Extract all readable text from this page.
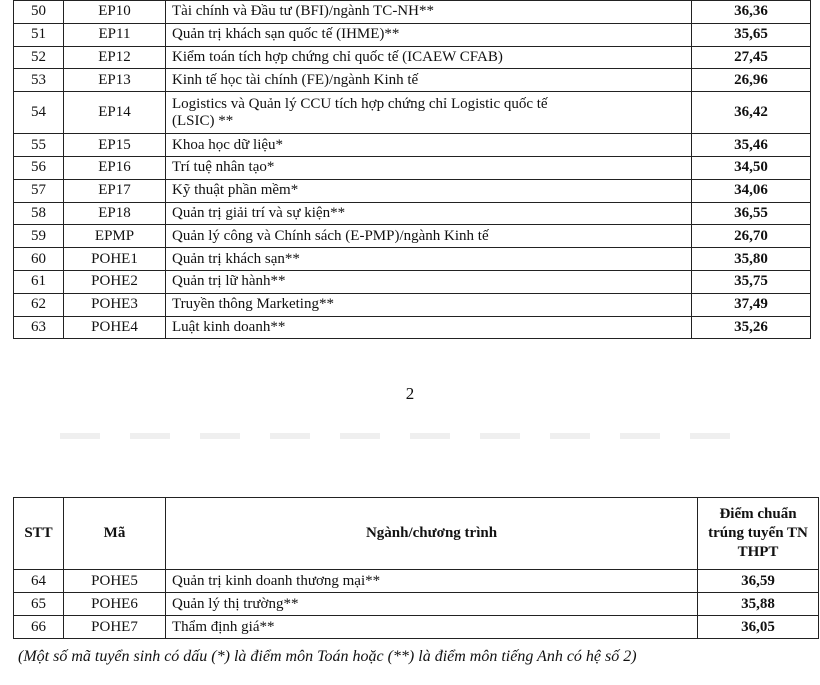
50	EP10	Tài chính và Đầu tư (BFI)/ngành TC-NH**	36,36
51	EP11	Quản trị khách sạn quốc tế (IHME)**	35,65
52	EP12	Kiểm toán tích hợp chứng chỉ quốc tế (ICAEW CFAB)	27,45
53	EP13	Kinh tế học tài chính (FE)/ngành Kinh tế	26,96
54	EP14	Logistics và Quản lý CCU tích hợp chứng chỉ Logistic quốc tế
(LSIC) **	36,42
55	EP15	Khoa học dữ liệu*	35,46
56	EP16	Trí tuệ nhân tạo*	34,50
57	EP17	Kỹ thuật phần mềm*	34,06
58	EP18	Quản trị giải trí và sự kiện**	36,55
59	EPMP	Quản lý công và Chính sách (E-PMP)/ngành Kinh tế	26,70
60	POHE1	Quản trị khách sạn**	35,80
61	POHE2	Quản trị lữ hành**	35,75
62	POHE3	Truyền thông Marketing**	37,49
63	POHE4	Luật kinh doanh**	35,26
2
STT	Mã	Ngành/chương trình	Điểm chuẩn
trúng tuyển TN
THPT

64	POHE5	Quản trị kinh doanh thương mại**	36,59
65	POHE6	Quản lý thị trường**	35,88
66	POHE7	Thẩm định giá**	36,05
(Một số mã tuyển sinh có dấu (*) là điểm môn Toán hoặc (**) là điểm môn tiếng Anh có hệ số 2)
